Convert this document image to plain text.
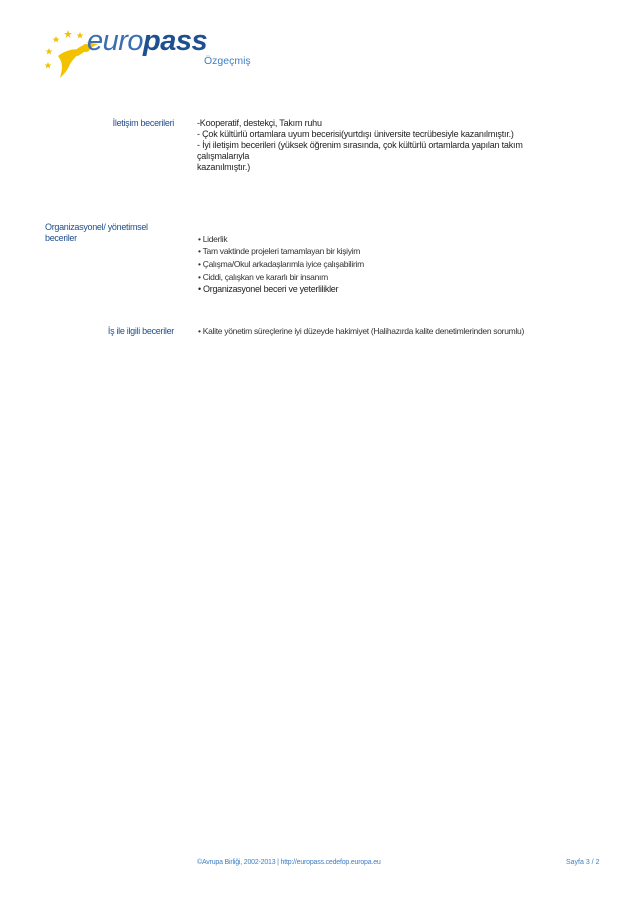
europass
Özgeçmiş
İletişim becerileri	-Kooperatif, destekçi, Takım ruhu
- Çok kültürlü ortamlara uyum becerisi(yurtdışı üniversite tecrübesiyle kazanılmıştır.)
- İyi iletişim becerileri (yüksek öğrenim sırasında, çok kültürlü ortamlarda yapılan takım
çalışmalarıyla
kazanılmıştır.)
Organizasyonel/ yönetimsel
beceriler	• Liderlik
• Tam vaktinde projeleri tamamlayan bir kişiyim
• Çalışma/Okul arkadaşlarımla iyice çalışabilirim
• Ciddi, çalışkan ve kararlı bir insanım
• Organizasyonel beceri ve yeterlilikler
İş ile ilgili beceriler	• Kalite yönetim süreçlerine iyi düzeyde hakimiyet (Halihazırda kalite denetimlerinden sorumlu)
©Avrupa Birliği, 2002-2013 | http://europass.cedefop.europa.eu	Sayfa 3 / 2
